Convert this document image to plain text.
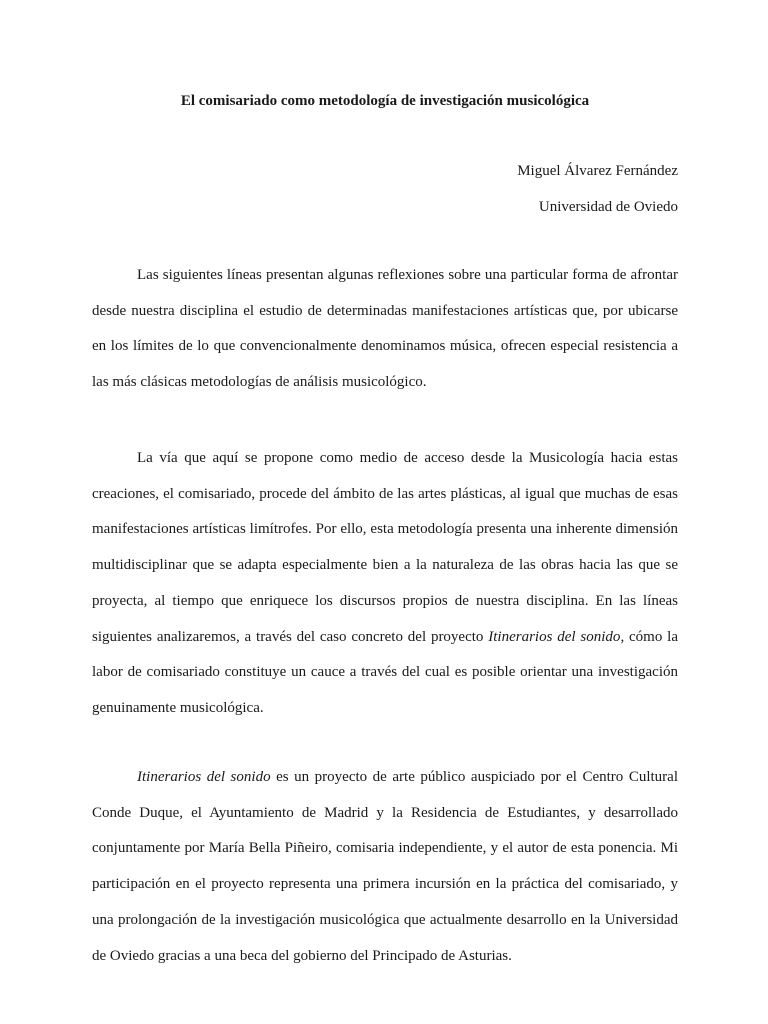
El comisariado como metodología de investigación musicológica

Miguel Álvarez Fernández

Universidad de Oviedo

Las siguientes líneas presentan algunas reflexiones sobre una particular forma de afrontar desde nuestra disciplina el estudio de determinadas manifestaciones artísticas que, por ubicarse en los límites de lo que convencionalmente denominamos música, ofrecen especial resistencia a las más clásicas metodologías de análisis musicológico.

La vía que aquí se propone como medio de acceso desde la Musicología hacia estas creaciones, el comisariado, procede del ámbito de las artes plásticas, al igual que muchas de esas manifestaciones artísticas limítrofes. Por ello, esta metodología presenta una inherente dimensión multidisciplinar que se adapta especialmente bien a la naturaleza de las obras hacia las que se proyecta, al tiempo que enriquece los discursos propios de nuestra disciplina. En las líneas siguientes analizaremos, a través del caso concreto del proyecto Itinerarios del sonido, cómo la labor de comisariado constituye un cauce a través del cual es posible orientar una investigación genuinamente musicológica.

Itinerarios del sonido es un proyecto de arte público auspiciado por el Centro Cultural Conde Duque, el Ayuntamiento de Madrid y la Residencia de Estudiantes, y desarrollado conjuntamente por María Bella Piñeiro, comisaria independiente, y el autor de esta ponencia. Mi participación en el proyecto representa una primera incursión en la práctica del comisariado, y una prolongación de la investigación musicológica que actualmente desarrollo en la Universidad de Oviedo gracias a una beca del gobierno del Principado de Asturias.
